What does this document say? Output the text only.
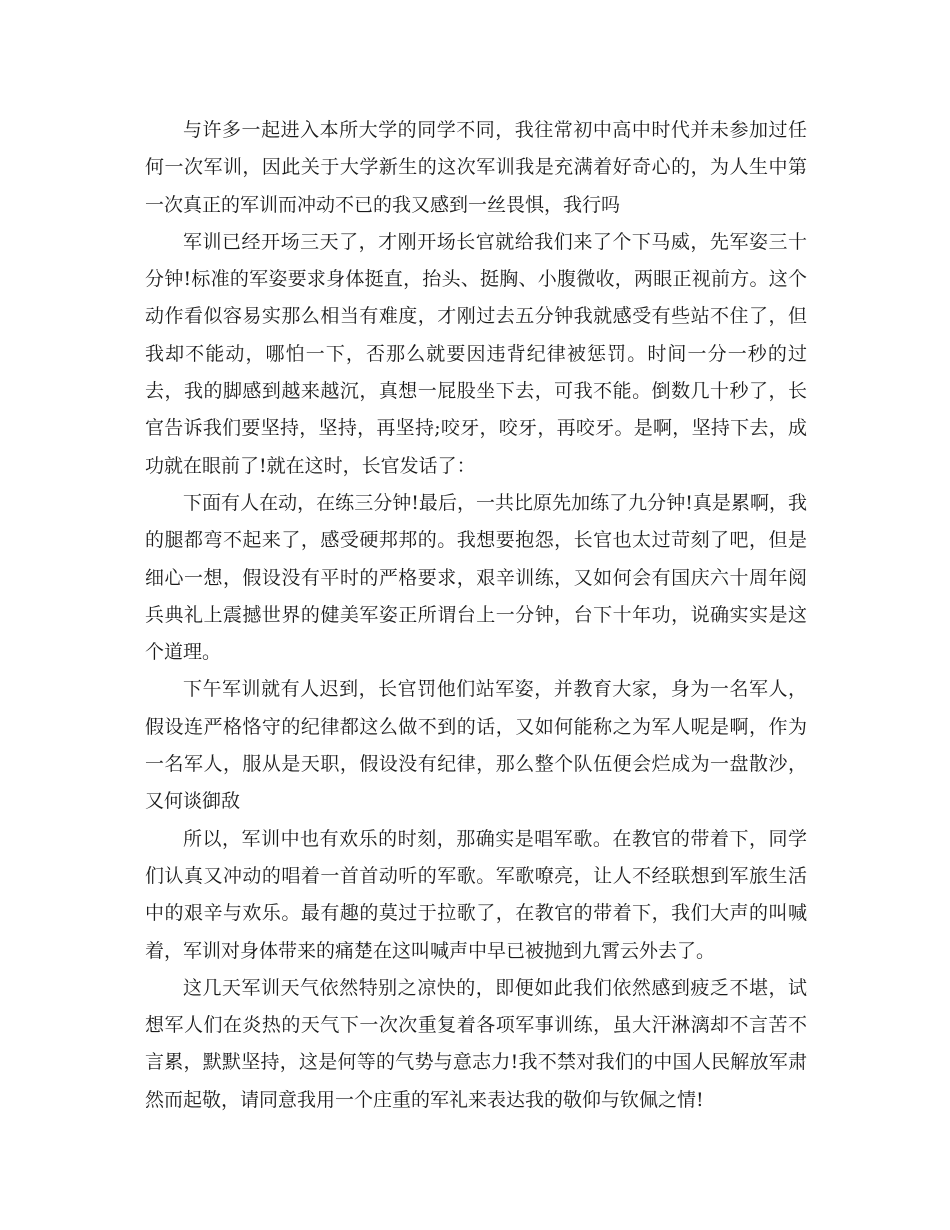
与许多一起进入本所大学的同学不同，我往常初中高中时代并未参加过任何一次军训，因此关于大学新生的这次军训我是充满着好奇心的，为人生中第一次真正的军训而冲动不已的我又感到一丝畏惧，我行吗

军训已经开场三天了，才刚开场长官就给我们来了个下马威，先军姿三十分钟!标准的军姿要求身体挺直，抬头、挺胸、小腹微收，两眼正视前方。这个动作看似容易实那么相当有难度，才刚过去五分钟我就感受有些站不住了，但我却不能动，哪怕一下，否那么就要因违背纪律被惩罚。时间一分一秒的过去，我的脚感到越来越沉，真想一屁股坐下去，可我不能。倒数几十秒了，长官告诉我们要坚持，坚持，再坚持;咬牙，咬牙，再咬牙。是啊，坚持下去，成功就在眼前了!就在这时，长官发话了：

下面有人在动，在练三分钟!最后，一共比原先加练了九分钟!真是累啊，我的腿都弯不起来了，感受硬邦邦的。我想要抱怨，长官也太过苛刻了吧，但是细心一想，假设没有平时的严格要求，艰辛训练，又如何会有国庆六十周年阅兵典礼上震撼世界的健美军姿正所谓台上一分钟，台下十年功，说确实实是这个道理。

下午军训就有人迟到，长官罚他们站军姿，并教育大家，身为一名军人，假设连严格恪守的纪律都这么做不到的话，又如何能称之为军人呢是啊，作为一名军人，服从是天职，假设没有纪律，那么整个队伍便会烂成为一盘散沙，又何谈御敌

所以，军训中也有欢乐的时刻，那确实是唱军歌。在教官的带着下，同学们认真又冲动的唱着一首首动听的军歌。军歌嘹亮，让人不经联想到军旅生活中的艰辛与欢乐。最有趣的莫过于拉歌了，在教官的带着下，我们大声的叫喊着，军训对身体带来的痛楚在这叫喊声中早已被抛到九霄云外去了。

这几天军训天气依然特别之凉快的，即便如此我们依然感到疲乏不堪，试想军人们在炎热的天气下一次次重复着各项军事训练，虽大汗淋漓却不言苦不言累，默默坚持，这是何等的气势与意志力!我不禁对我们的中国人民解放军肃然而起敬，请同意我用一个庄重的军礼来表达我的敬仰与钦佩之情!
